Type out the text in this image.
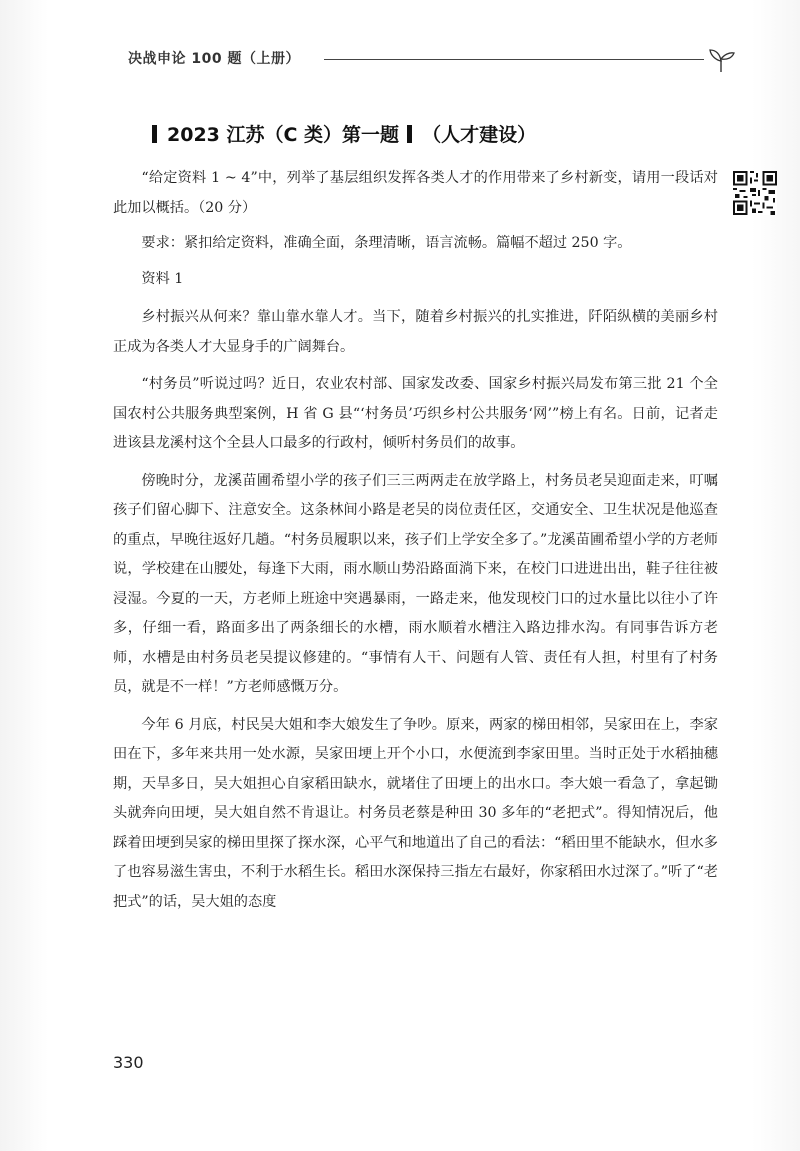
决战申论 100 题（上册）
2023 江苏（C 类）第一题 （人才建设）

“给定资料 1 ~ 4”中，列举了基层组织发挥各类人才的作用带来了乡村新变，请用一段话对此加以概括。（20 分）

要求：紧扣给定资料，准确全面，条理清晰，语言流畅。篇幅不超过 250 字。

资料 1

乡村振兴从何来？靠山靠水靠人才。当下，随着乡村振兴的扎实推进，阡陌纵横的美丽乡村正成为各类人才大显身手的广阔舞台。

“村务员”听说过吗？近日，农业农村部、国家发改委、国家乡村振兴局发布第三批 21 个全国农村公共服务典型案例，H 省 G 县“‘村务员’巧织乡村公共服务‘网’”榜上有名。日前，记者走进该县龙溪村这个全县人口最多的行政村，倾听村务员们的故事。

傍晚时分，龙溪苗圃希望小学的孩子们三三两两走在放学路上，村务员老吴迎面走来，叮嘱孩子们留心脚下、注意安全。这条林间小路是老吴的岗位责任区，交通安全、卫生状况是他巡查的重点，早晚往返好几趟。“村务员履职以来，孩子们上学安全多了。”龙溪苗圃希望小学的方老师说，学校建在山腰处，每逢下大雨，雨水顺山势沿路面淌下来，在校门口进进出出，鞋子往往被浸湿。今夏的一天，方老师上班途中突遇暴雨，一路走来，他发现校门口的过水量比以往小了许多，仔细一看，路面多出了两条细长的水槽，雨水顺着水槽注入路边排水沟。有同事告诉方老师，水槽是由村务员老吴提议修建的。“事情有人干、问题有人管、责任有人担，村里有了村务员，就是不一样！”方老师感慨万分。

今年 6 月底，村民吴大姐和李大娘发生了争吵。原来，两家的梯田相邻，吴家田在上，李家田在下，多年来共用一处水源，吴家田埂上开个小口，水便流到李家田里。当时正处于水稻抽穗期，天旱多日，吴大姐担心自家稻田缺水，就堵住了田埂上的出水口。李大娘一看急了，拿起锄头就奔向田埂，吴大姐自然不肯退让。村务员老蔡是种田 30 多年的“老把式”。得知情况后，他踩着田埂到吴家的梯田里探了探水深，心平气和地道出了自己的看法：“稻田里不能缺水，但水多了也容易滋生害虫，不利于水稻生长。稻田水深保持三指左右最好，你家稻田水过深了。”听了“老把式”的话，吴大姐的态度

330
